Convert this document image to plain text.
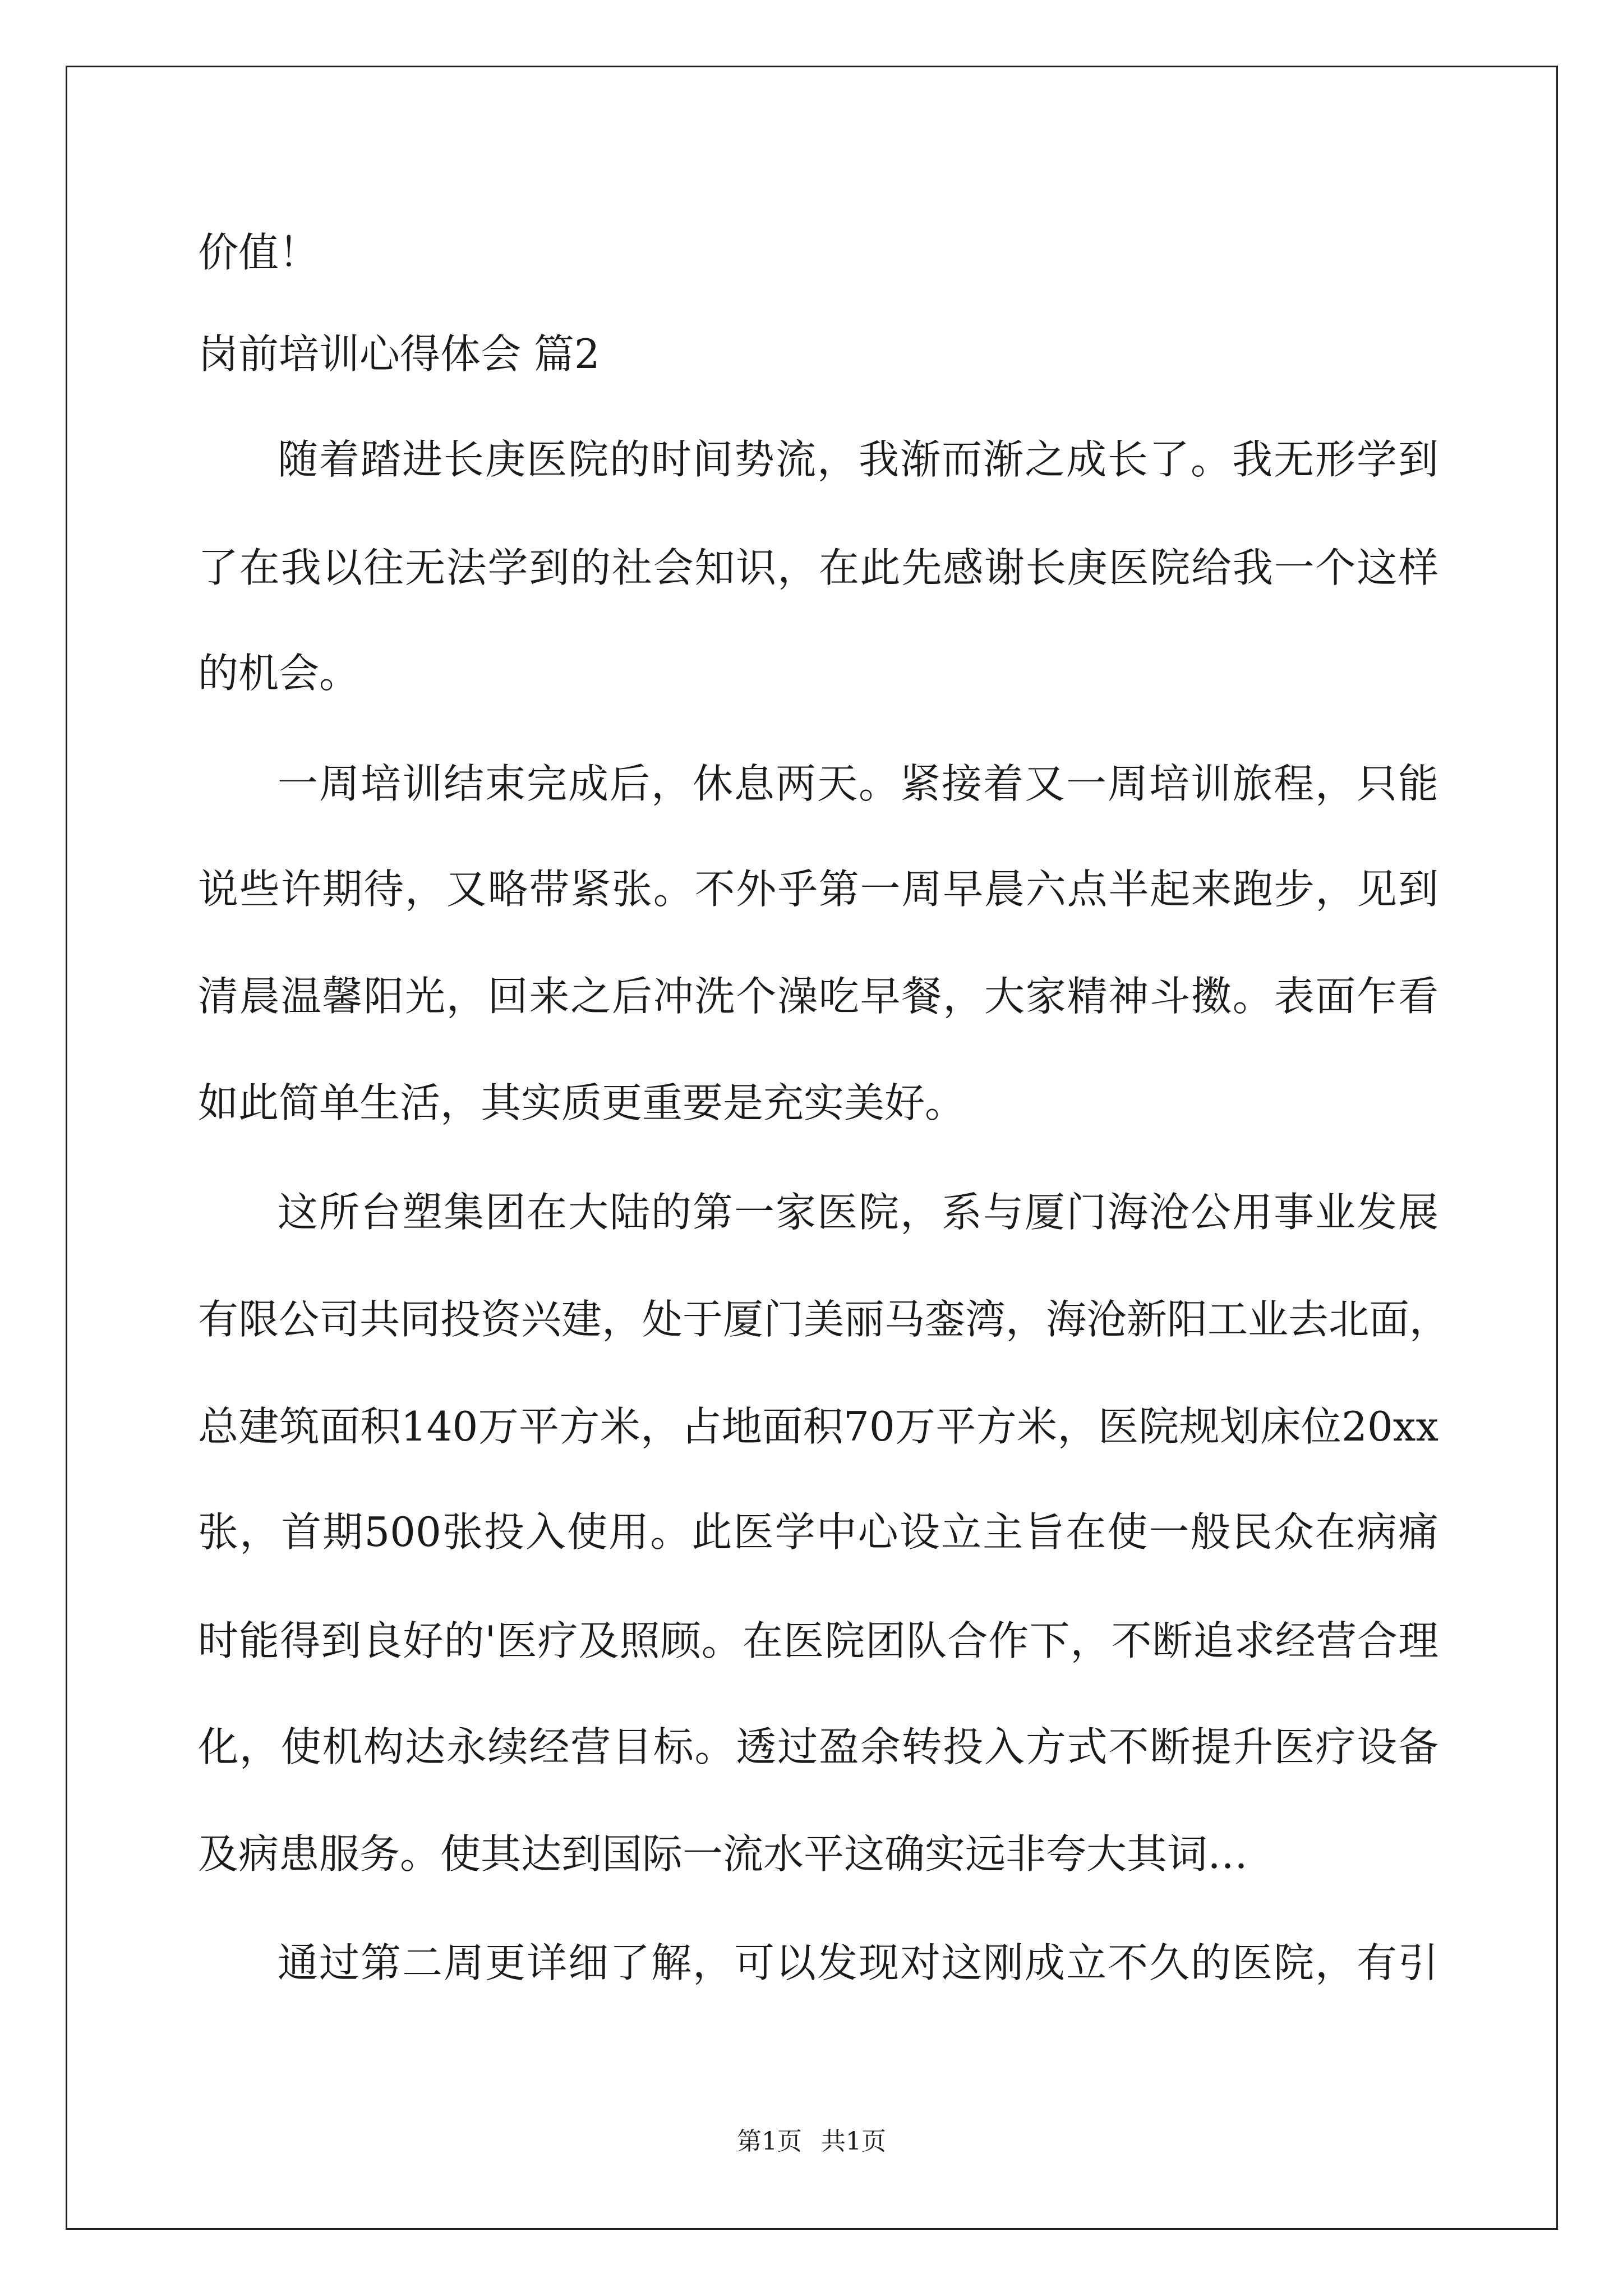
价值！
岗前培训心得体会 篇2
随着踏进长庚医院的时间势流，我渐而渐之成长了。我无形学到
了在我以往无法学到的社会知识，在此先感谢长庚医院给我一个这样
的机会。
一周培训结束完成后，休息两天。紧接着又一周培训旅程，只能
说些许期待，又略带紧张。不外乎第一周早晨六点半起来跑步，见到
清晨温馨阳光，回来之后冲洗个澡吃早餐，大家精神斗擞。表面乍看
如此简单生活，其实质更重要是充实美好。
这所台塑集团在大陆的第一家医院，系与厦门海沧公用事业发展
有限公司共同投资兴建，处于厦门美丽马銮湾，海沧新阳工业去北面，
总建筑面积140万平方米，占地面积70万平方米，医院规划床位20xx
张，首期500张投入使用。此医学中心设立主旨在使一般民众在病痛
时能得到良好的'医疗及照顾。在医院团队合作下，不断追求经营合理
化，使机构达永续经营目标。透过盈余转投入方式不断提升医疗设备
及病患服务。使其达到国际一流水平这确实远非夸大其词…
通过第二周更详细了解，可以发现对这刚成立不久的医院，有引
第1页 共1页
